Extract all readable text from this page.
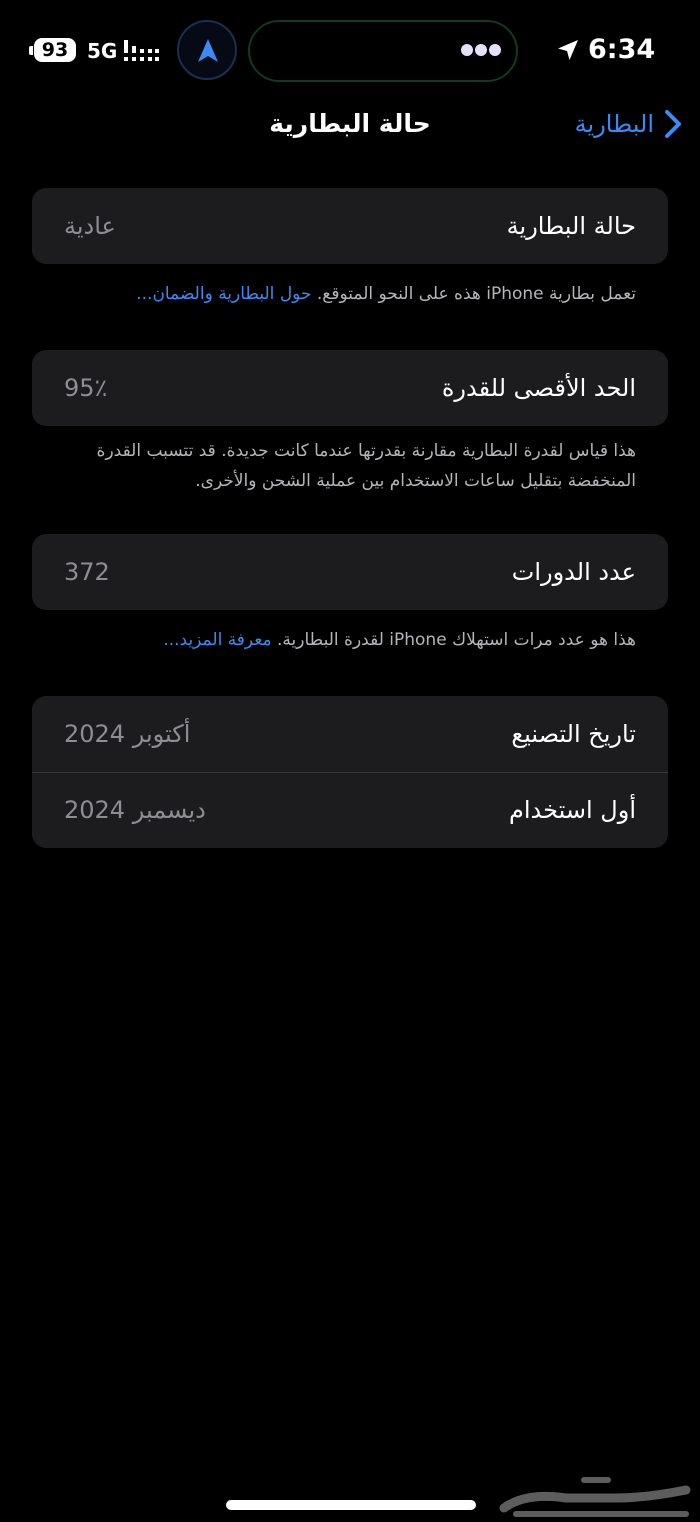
93 5G	6:34
حالة البطارية	البطارية
حالة البطارية
عادية
تعمل بطارية iPhone هذه على النحو المتوقع. حول البطارية والضمان...
الحد الأقصى للقدرة
95٪
هذا قياس لقدرة البطارية مقارنة بقدرتها عندما كانت جديدة. قد تتسبب القدرة المنخفضة بتقليل ساعات الاستخدام بين عملية الشحن والأخرى.
عدد الدورات
372
هذا هو عدد مرات استهلاك iPhone لقدرة البطارية. معرفة المزيد...
تاريخ التصنيع
أكتوبر 2024
أول استخدام
ديسمبر 2024
